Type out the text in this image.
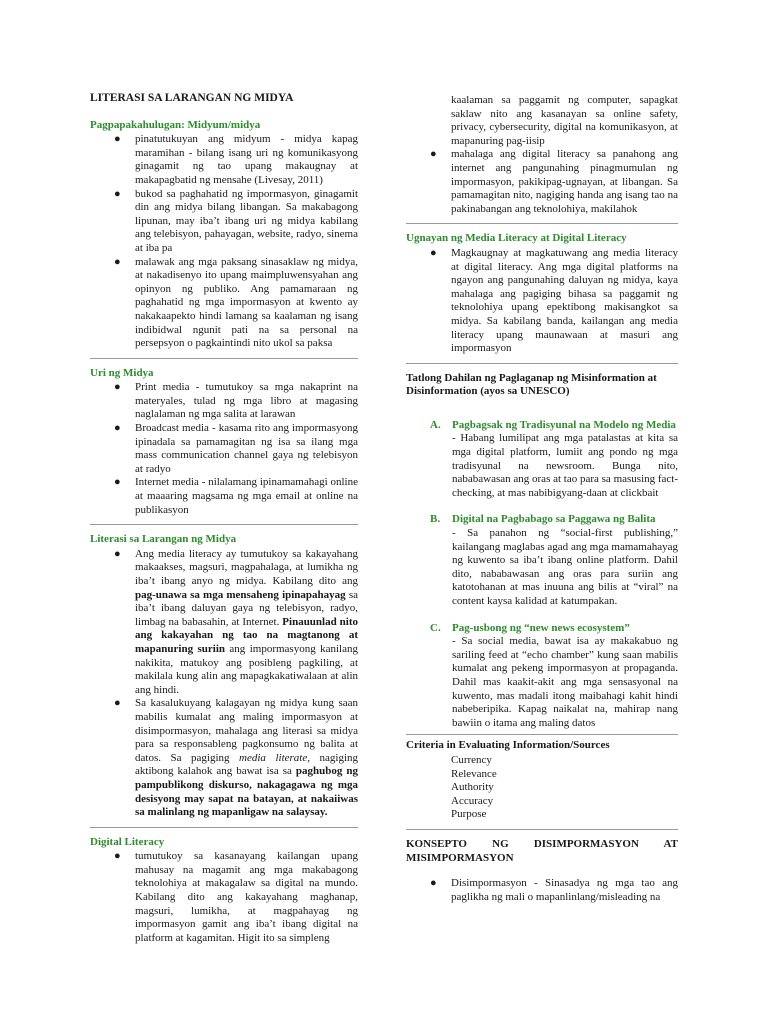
LITERASI SA LARANGAN NG MIDYA
Pagpapakahulugan: Midyum/midya
● pinatutukuyan ang midyum - midya kapag maramihan - bilang isang uri ng komunikasyong ginagamit ng tao upang makaugnay at makapagbatid ng mensahe (Livesay, 2011)
● bukod sa paghahatid ng impormasyon, ginagamit din ang midya bilang libangan. Sa makabagong lipunan, may iba’t ibang uri ng midya kabilang ang telebisyon, pahayagan, website, radyo, sinema at iba pa
● malawak ang mga paksang sinasaklaw ng midya, at nakadisenyo ito upang maimpluwensyahan ang opinyon ng publiko. Ang pamamaraan ng paghahatid ng mga impormasyon at kwento ay nakakaapekto hindi lamang sa kaalaman ng isang indibidwal ngunit pati na sa personal na persepsyon o pagkaintindi nito ukol sa paksa
Uri ng Midya
● Print media - tumutukoy sa mga nakaprint na materyales, tulad ng mga libro at magasing naglalaman ng mga salita at larawan
● Broadcast media - kasama rito ang impormasyong ipinadala sa pamamagitan ng isa sa ilang mga mass communication channel gaya ng telebisyon at radyo
● Internet media - nilalamang ipinamamahagi online at maaaring magsama ng mga email at online na publikasyon
Literasi sa Larangan ng Midya
● Ang media literacy ay tumutukoy sa kakayahang makaakses, magsuri, magpahalaga, at lumikha ng iba’t ibang anyo ng midya. Kabilang dito ang pag-unawa sa mga mensaheng ipinapahayag sa iba’t ibang daluyan gaya ng telebisyon, radyo, limbag na babasahin, at Internet. Pinauunlad nito ang kakayahan ng tao na magtanong at mapanuring suriin ang impormasyong kanilang nakikita, matukoy ang posibleng pagkiling, at makilala kung alin ang mapagkakatiwalaan at alin ang hindi.
● Sa kasalukuyang kalagayan ng midya kung saan mabilis kumalat ang maling impormasyon at disimpormasyon, mahalaga ang literasi sa midya para sa responsableng pagkonsumo ng balita at datos. Sa pagiging media literate, nagiging aktibong kalahok ang bawat isa sa paghubog ng pampublikong diskurso, nakagagawa ng mga desisyong may sapat na batayan, at nakaiiwas sa malinlang ng mapanligaw na salaysay.
Digital Literacy
● tumutukoy sa kasanayang kailangan upang mahusay na magamit ang mga makabagong teknolohiya at makagalaw sa digital na mundo. Kabilang dito ang kakayahang maghanap, magsuri, lumikha, at magpahayag ng impormasyon gamit ang iba’t ibang digital na platform at kagamitan. Higit ito sa simpleng
kaalaman sa paggamit ng computer, sapagkat saklaw nito ang kasanayan sa online safety, privacy, cybersecurity, digital na komunikasyon, at mapanuring pag-iisip
● mahalaga ang digital literacy sa panahong ang internet ang pangunahing pinagmumulan ng impormasyon, pakikipag-ugnayan, at libangan. Sa pamamagitan nito, nagiging handa ang isang tao na pakinabangan ang teknolohiya, makilahok
Ugnayan ng Media Literacy at Digital Literacy
● Magkaugnay at magkatuwang ang media literacy at digital literacy. Ang mga digital platforms na ngayon ang pangunahing daluyan ng midya, kaya mahalaga ang pagiging bihasa sa paggamit ng teknolohiya upang epektibong makisangkot sa midya. Sa kabilang banda, kailangan ang media literacy upang maunawaan at masuri ang impormasyon
Tatlong Dahilan ng Paglaganap ng Misinformation at Disinformation (ayos sa UNESCO)
A. Pagbagsak ng Tradisyunal na Modelo ng Media
- Habang lumilipat ang mga patalastas at kita sa mga digital platform, lumiit ang pondo ng mga tradisyunal na newsroom. Bunga nito, nababawasan ang oras at tao para sa masusing fact-checking, at mas nabibigyang-daan at clickbait
B. Digital na Pagbabago sa Paggawa ng Balita
- Sa panahon ng “social-first publishing,” kailangang maglabas agad ang mga mamamahayag ng kuwento sa iba’t ibang online platform. Dahil dito, nababawasan ang oras para suriin ang katotohanan at mas inuuna ang bilis at “viral” na content kaysa kalidad at katumpakan.
C. Pag-usbong ng “new news ecosystem”
- Sa social media, bawat isa ay makakabuo ng sariling feed at “echo chamber” kung saan mabilis kumalat ang pekeng impormasyon at propaganda. Dahil mas kaakit-akit ang mga sensasyonal na kuwento, mas madali itong maibahagi kahit hindi nabeberipika. Kapag naikalat na, mahirap nang bawiin o itama ang maling datos
Criteria in Evaluating Information/Sources
Currency
Relevance
Authority
Accuracy
Purpose
KONSEPTO NG DISIMPORMASYON AT
MISIMPORMASYON
● Disimpormasyon - Sinasadya ng mga tao ang paglikha ng mali o mapanlinlang/misleading na
